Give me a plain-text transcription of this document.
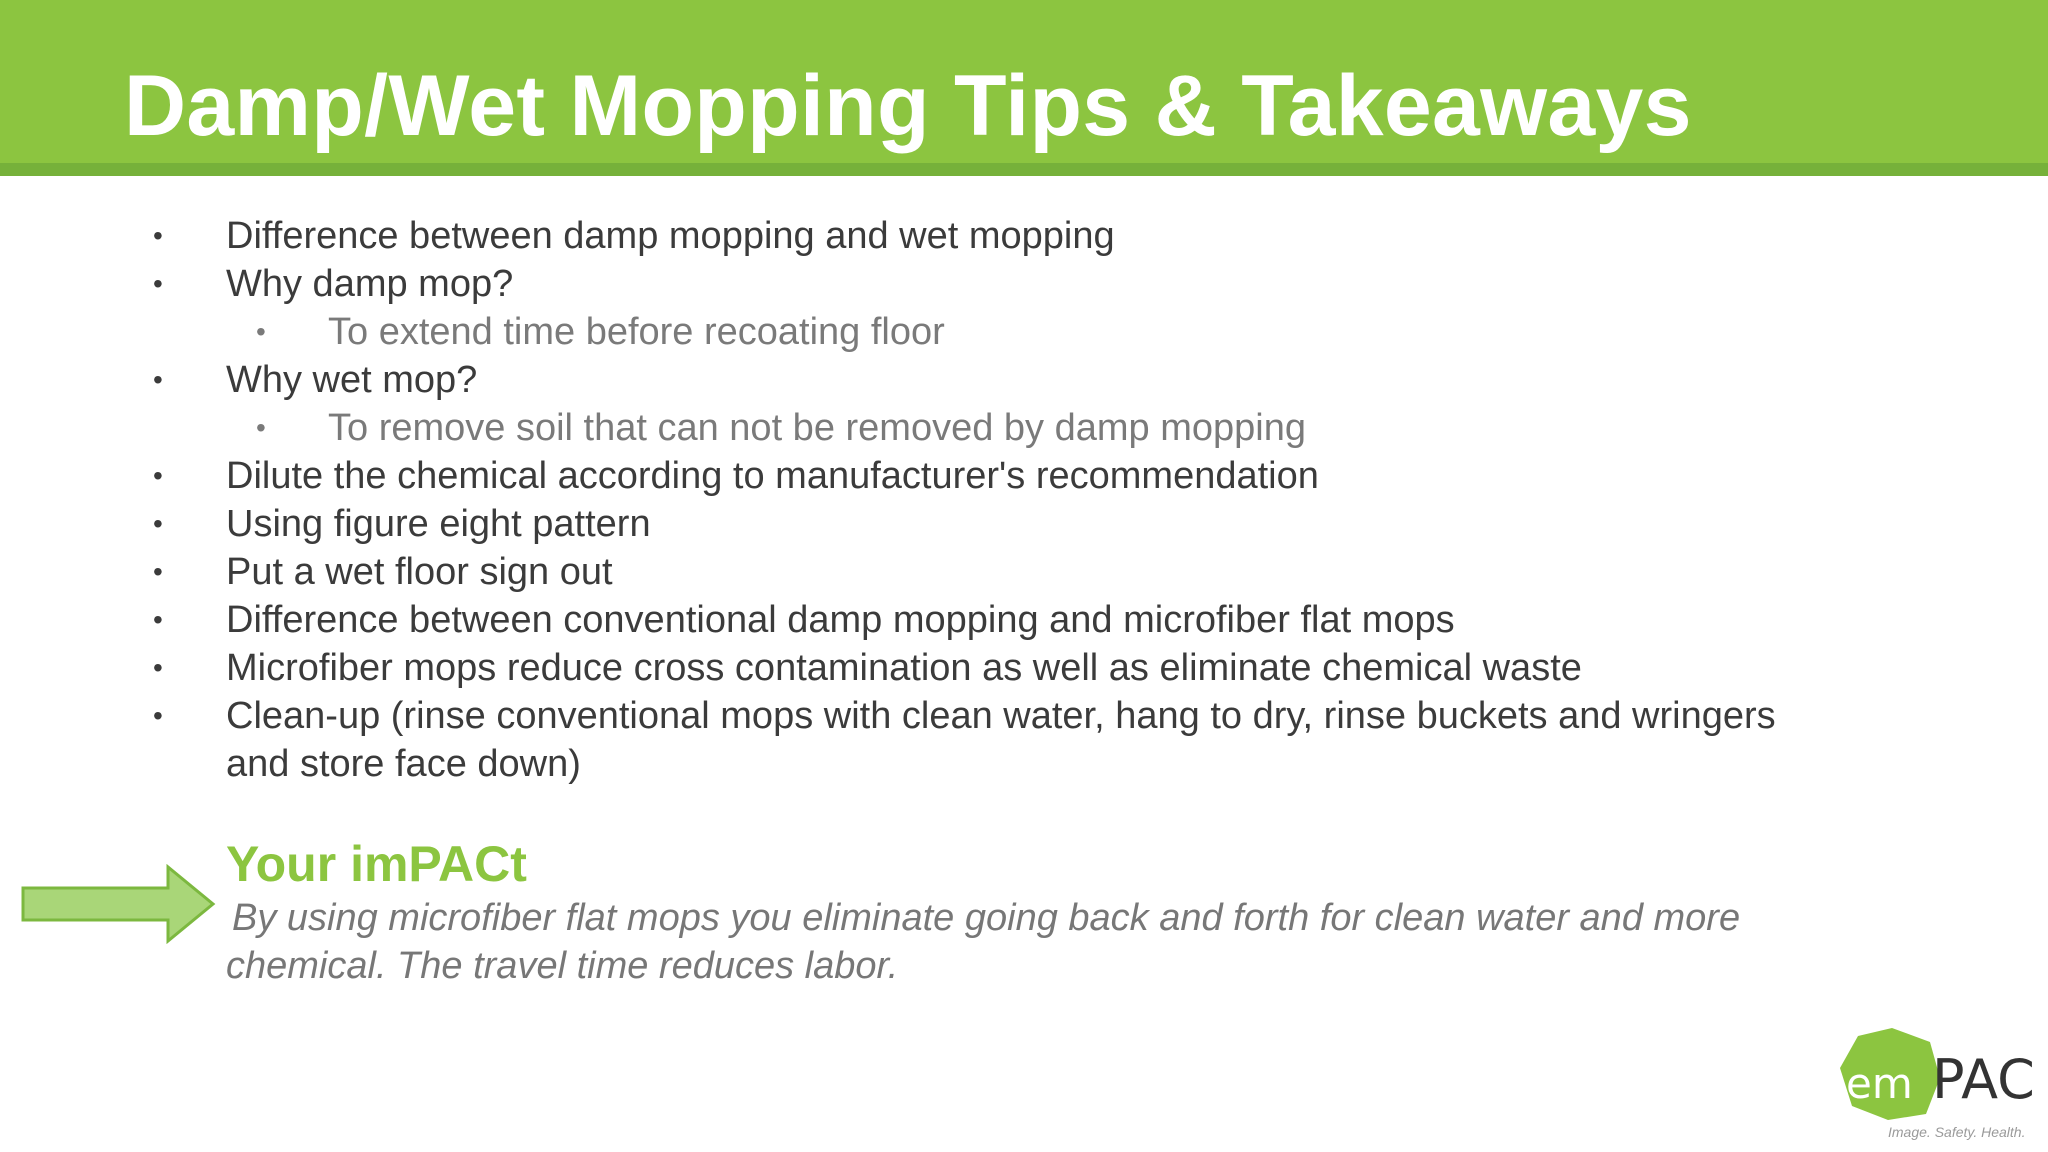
Damp/Wet Mopping Tips & Takeaways
• Difference between damp mopping and wet mopping
• Why damp mop?
• To extend time before recoating floor
• Why wet mop?
• To remove soil that can not be removed by damp mopping
• Dilute the chemical according to manufacturer's recommendation
• Using figure eight pattern
• Put a wet floor sign out
• Difference between conventional damp mopping and microfiber flat mops
• Microfiber mops reduce cross contamination as well as eliminate chemical waste
• Clean-up (rinse conventional mops with clean water, hang to dry, rinse buckets and wringers
and store face down)
Your imPACt
By using microfiber flat mops you eliminate going back and forth for clean water and more
chemical. The travel time reduces labor.
em PAC
Image. Safety. Health.
